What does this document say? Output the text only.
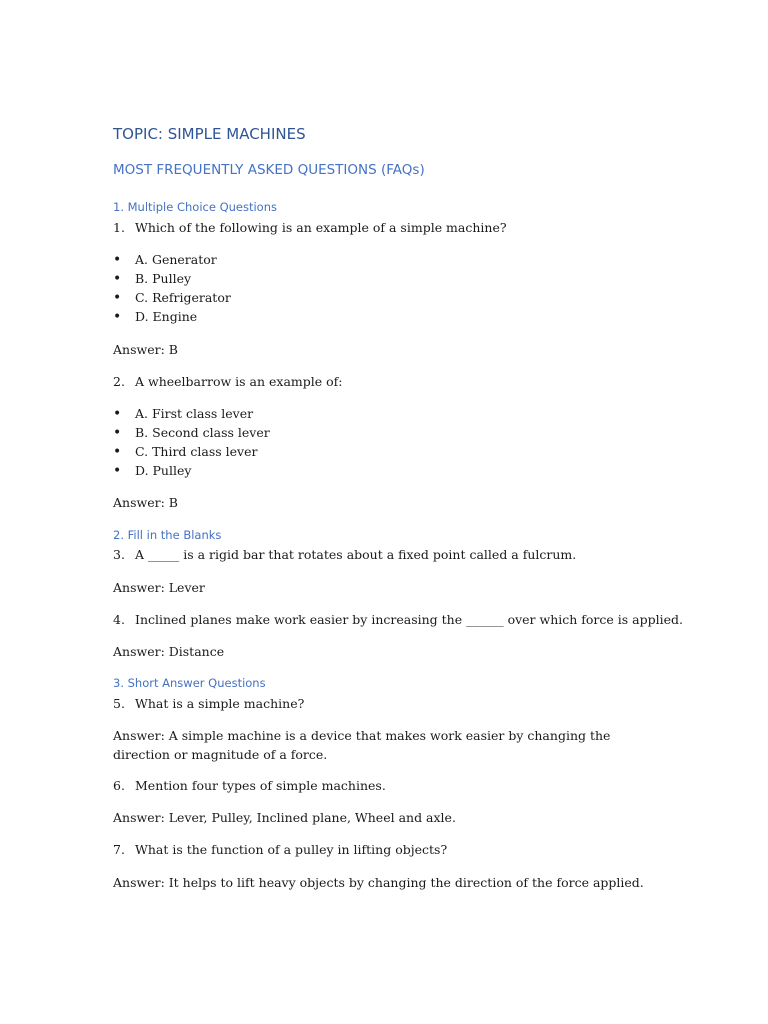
TOPIC: SIMPLE MACHINES
MOST FREQUENTLY ASKED QUESTIONS (FAQs)
1. Multiple Choice Questions
1. Which of the following is an example of a simple machine?
• A. Generator
• B. Pulley
• C. Refrigerator
• D. Engine
Answer: B
2. A wheelbarrow is an example of:
• A. First class lever
• B. Second class lever
• C. Third class lever
• D. Pulley
Answer: B
2. Fill in the Blanks
3. A _____ is a rigid bar that rotates about a fixed point called a fulcrum.
Answer: Lever
4. Inclined planes make work easier by increasing the ______ over which force is applied.
Answer: Distance
3. Short Answer Questions
5. What is a simple machine?
Answer: A simple machine is a device that makes work easier by changing the direction or magnitude of a force.
6. Mention four types of simple machines.
Answer: Lever, Pulley, Inclined plane, Wheel and axle.
7. What is the function of a pulley in lifting objects?
Answer: It helps to lift heavy objects by changing the direction of the force applied.
